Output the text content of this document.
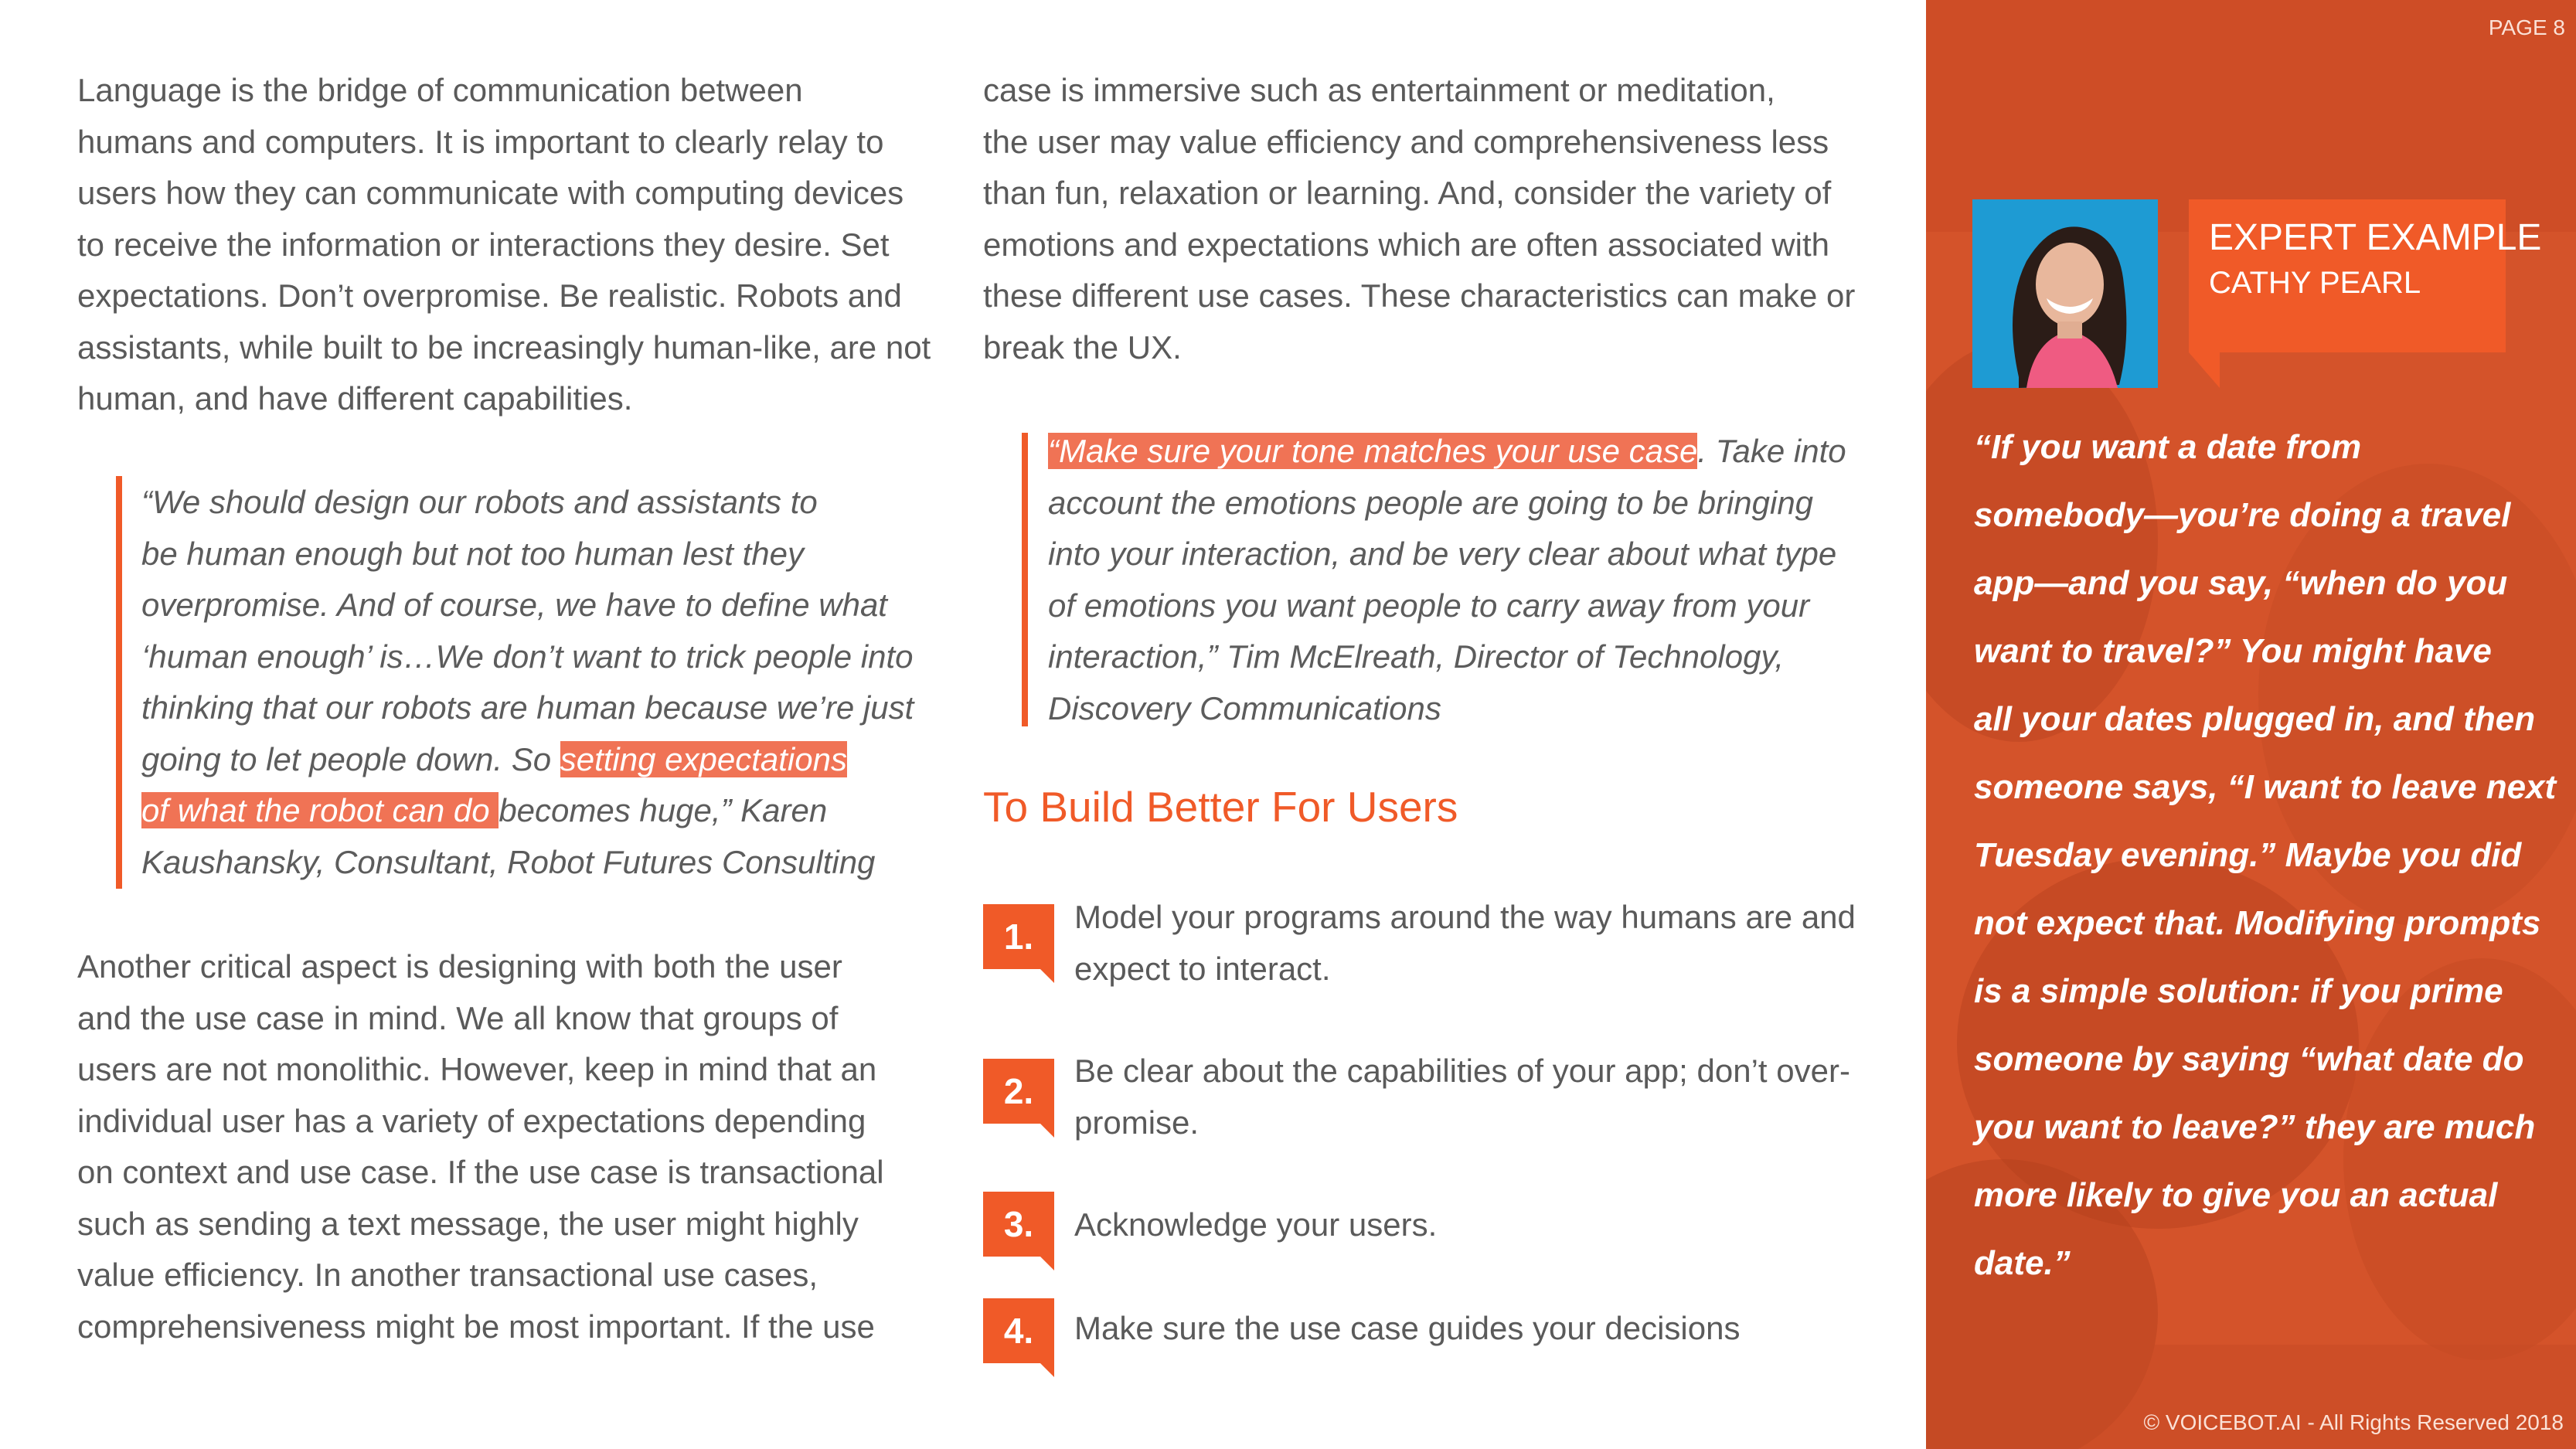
Language is the bridge of communication between
humans and computers. It is important to clearly relay to
users how they can communicate with computing devices
to receive the information or interactions they desire. Set
expectations. Don’t overpromise. Be realistic. Robots and
assistants, while built to be increasingly human-like, are not
human, and have different capabilities.

“We should design our robots and assistants to
be human enough but not too human lest they
overpromise. And of course, we have to define what
‘human enough’ is…We don’t want to trick people into
thinking that our robots are human because we’re just
going to let people down. So setting expectations
of what the robot can do becomes huge,” Karen
Kaushansky, Consultant, Robot Futures Consulting

Another critical aspect is designing with both the user
and the use case in mind. We all know that groups of
users are not monolithic. However, keep in mind that an
individual user has a variety of expectations depending
on context and use case. If the use case is transactional
such as sending a text message, the user might highly
value efficiency. In another transactional use cases,
comprehensiveness might be most important. If the use

case is immersive such as entertainment or meditation,
the user may value efficiency and comprehensiveness less
than fun, relaxation or learning. And, consider the variety of
emotions and expectations which are often associated with
these different use cases. These characteristics can make or
break the UX.

“Make sure your tone matches your use case. Take into
account the emotions people are going to be bringing
into your interaction, and be very clear about what type
of emotions you want people to carry away from your
interaction,” Tim McElreath, Director of Technology,
Discovery Communications
To Build Better For Users
1.	Model your programs around the way humans are and
expect to interact.
2.
Be clear about the capabilities of your app; don’t over-
promise.
3.	Acknowledge your users.
4.	Make sure the use case guides your decisions
PAGE 8
EXPERT EXAMPLE
CATHY PEARL
“If you want a date from
somebody—you’re doing a travel
app—and you say, “when do you
want to travel?” You might have
all your dates plugged in, and then
someone says, “I want to leave next
Tuesday evening.” Maybe you did
not expect that. Modifying prompts
is a simple solution: if you prime
someone by saying “what date do
you want to leave?” they are much
more likely to give you an actual
date.”
© VOICEBOT.AI - All Rights Reserved 2018
